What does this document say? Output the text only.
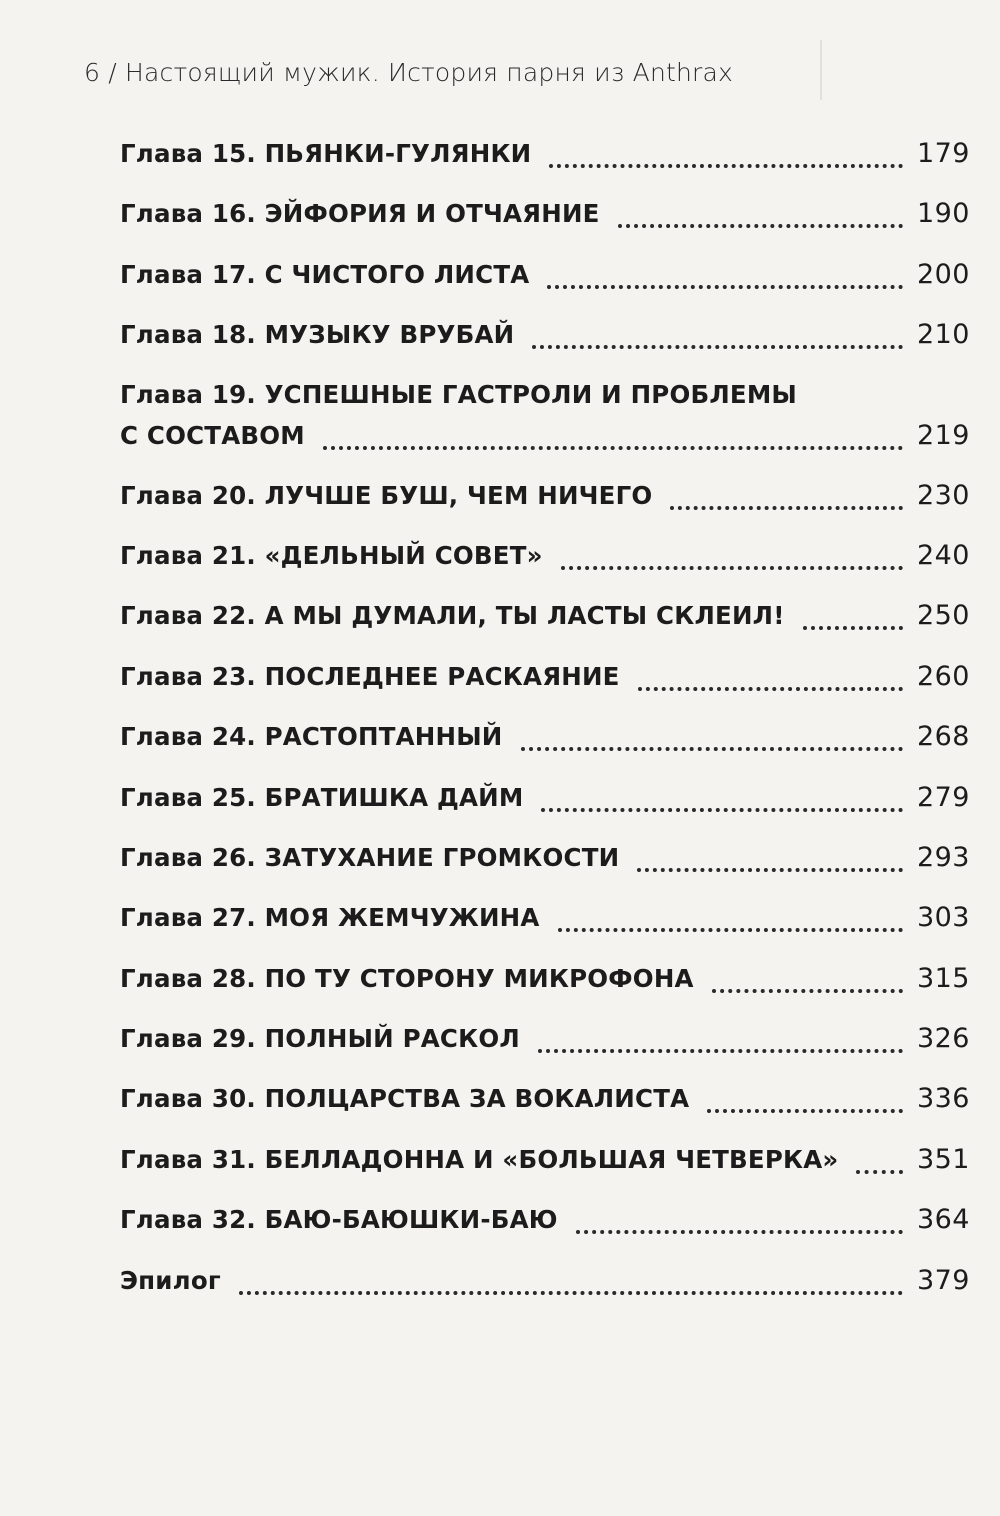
6 / Настоящий мужик. История парня из Anthrax
Глава 15. ПЬЯНКИ-ГУЛЯНКИ	179
Глава 16. ЭЙФОРИЯ И ОТЧАЯНИЕ	190
Глава 17. С ЧИСТОГО ЛИСТА	200
Глава 18. МУЗЫКУ ВРУБАЙ	210
Глава 19. УСПЕШНЫЕ ГАСТРОЛИ И ПРОБЛЕМЫ
С СОСТАВОМ	219
Глава 20. ЛУЧШЕ БУШ, ЧЕМ НИЧЕГО	230
Глава 21. «ДЕЛЬНЫЙ СОВЕТ»	240
Глава 22. А МЫ ДУМАЛИ, ТЫ ЛАСТЫ СКЛЕИЛ!	250
Глава 23. ПОСЛЕДНЕЕ РАСКАЯНИЕ	260
Глава 24. РАСТОПТАННЫЙ	268
Глава 25. БРАТИШКА ДАЙМ	279
Глава 26. ЗАТУХАНИЕ ГРОМКОСТИ	293
Глава 27. МОЯ ЖЕМЧУЖИНА	303
Глава 28. ПО ТУ СТОРОНУ МИКРОФОНА	315
Глава 29. ПОЛНЫЙ РАСКОЛ	326
Глава 30. ПОЛЦАРСТВА ЗА ВОКАЛИСТА	336
Глава 31. БЕЛЛАДОННА И «БОЛЬШАЯ ЧЕТВЕРКА»	351
Глава 32. БАЮ-БАЮШКИ-БАЮ	364
Эпилог	379
